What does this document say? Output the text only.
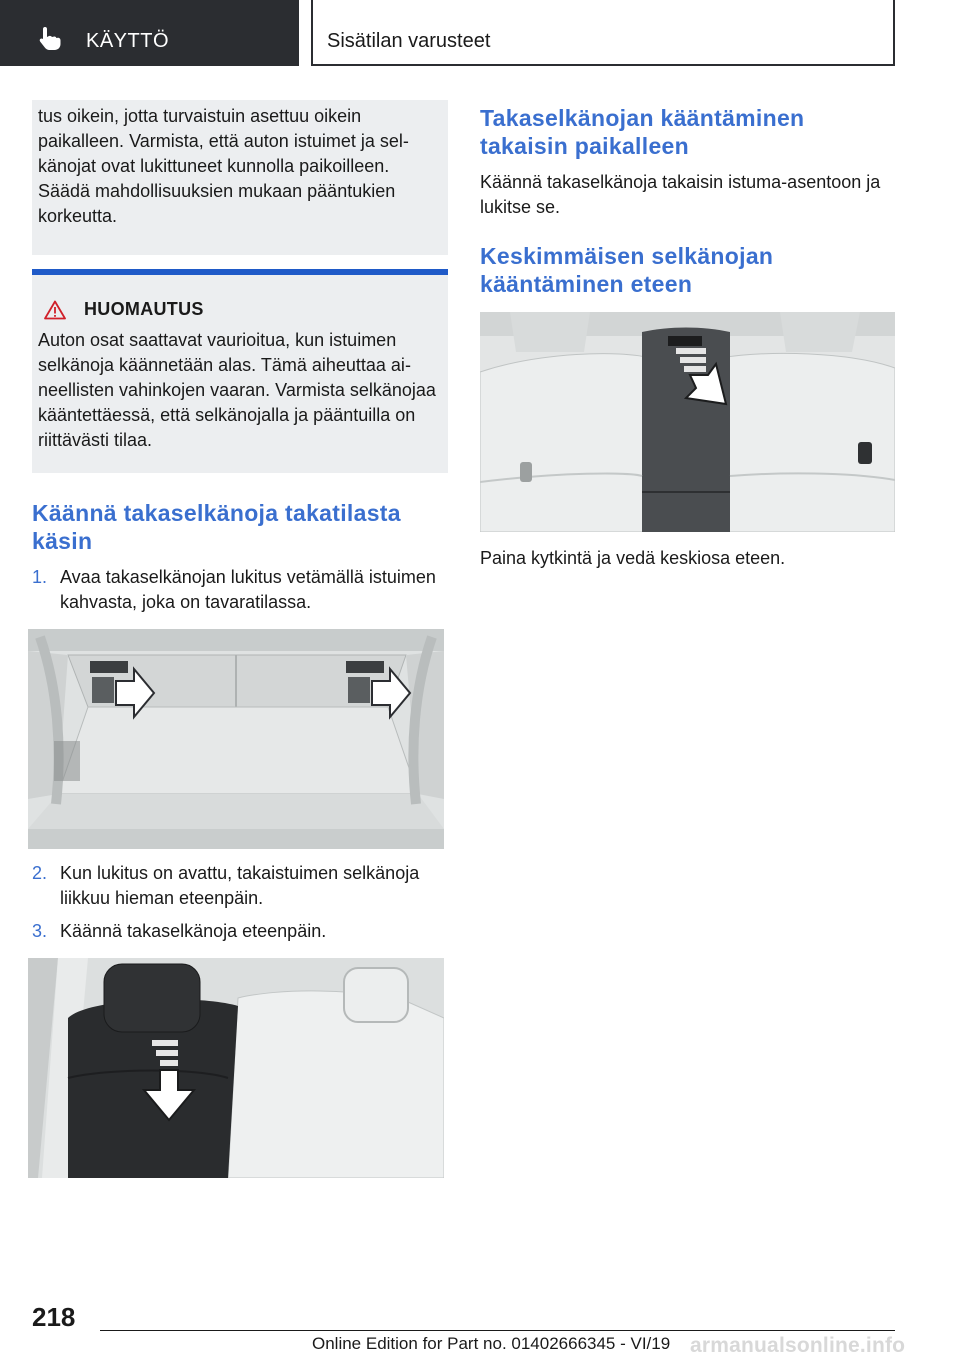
KÄYTTÖ	Sisätilan varusteet

tus oikein, jotta turvaistuin asettuu oikein paikalleen. Varmista, että auton istuimet ja selkänojat ovat lukittuneet kunnolla paikoilleen. Säädä mahdollisuuksien mukaan pääntukien korkeutta.

HUOMAUTUS

Auton osat saattavat vaurioitua, kun istuimen selkänoja käännetään alas. Tämä aiheuttaa aineellisten vahinkojen vaaran. Varmista selkänojaa kääntettäessä, että selkänojalla ja pääntuilla on riittävästi tilaa.

Käännä takaselkänoja takatilasta käsin
1. Avaa takaselkänojan lukitus vetämällä istuimen kahvasta, joka on tavaratilassa.
2. Kun lukitus on avattu, takaistuimen selkänoja liikkuu hieman eteenpäin.
3. Käännä takaselkänoja eteenpäin.
Takaselkänojan kääntäminen takaisin paikalleen

Käännä takaselkänoja takaisin istuma-asentoon ja lukitse se.

Keskimmäisen selkänojan kääntäminen eteen

Paina kytkintä ja vedä keskiosa eteen.

218
Online Edition for Part no. 01402666345 - VI/19 armanualsonline.info
